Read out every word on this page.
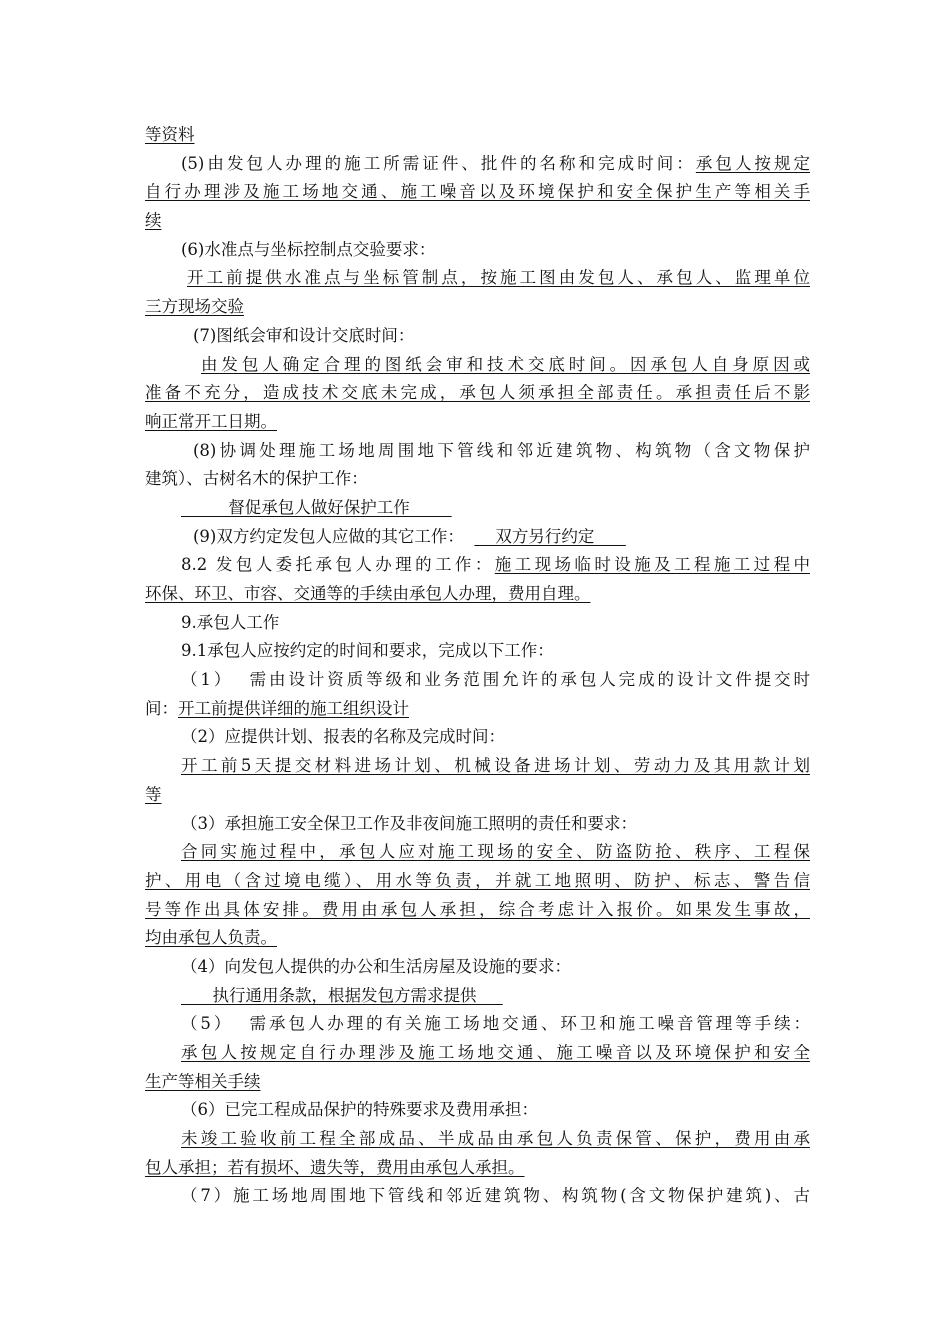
等资料
(5)由发包人办理的施工所需证件、批件的名称和完成时间：承包人按规定
自行办理涉及施工场地交通、施工噪音以及环境保护和安全保护生产等相关手
续
(6)水准点与坐标控制点交验要求：
开工前提供水准点与坐标管制点，按施工图由发包人、承包人、监理单位
三方现场交验
(7)图纸会审和设计交底时间：
由发包人确定合理的图纸会审和技术交底时间。因承包人自身原因或
准备不充分，造成技术交底未完成，承包人须承担全部责任。承担责任后不影
响正常开工日期。
(8)协调处理施工场地周围地下管线和邻近建筑物、构筑物（含文物保护
建筑）、古树名木的保护工作：
督促承包人做好保护工作
(9)双方约定发包人应做的其它工作：      双方另行约定
8.2 发包人委托承包人办理的工作：施工现场临时设施及工程施工过程中
环保、环卫、市容、交通等的手续由承包人办理，费用自理。
9.承包人工作
9.1承包人应按约定的时间和要求，完成以下工作：
（1）  需由设计资质等级和业务范围允许的承包人完成的设计文件提交时
间：开工前提供详细的施工组织设计
（2）应提供计划、报表的名称及完成时间：
开工前5天提交材料进场计划、机械设备进场计划、劳动力及其用款计划
等
（3）承担施工安全保卫工作及非夜间施工照明的责任和要求：
合同实施过程中，承包人应对施工现场的安全、防盗防抢、秩序、工程保
护、用电（含过境电缆）、用水等负责，并就工地照明、防护、标志、警告信
号等作出具体安排。费用由承包人承担，综合考虑计入报价。如果发生事故，
均由承包人负责。
（4）向发包人提供的办公和生活房屋及设施的要求：
执行通用条款，根据发包方需求提供
（5）  需承包人办理的有关施工场地交通、环卫和施工噪音管理等手续：
承包人按规定自行办理涉及施工场地交通、施工噪音以及环境保护和安全
生产等相关手续
（6）已完工程成品保护的特殊要求及费用承担：
未竣工验收前工程全部成品、半成品由承包人负责保管、保护，费用由承
包人承担；若有损坏、遗失等，费用由承包人承担。
（7）施工场地周围地下管线和邻近建筑物、构筑物(含文物保护建筑)、古
